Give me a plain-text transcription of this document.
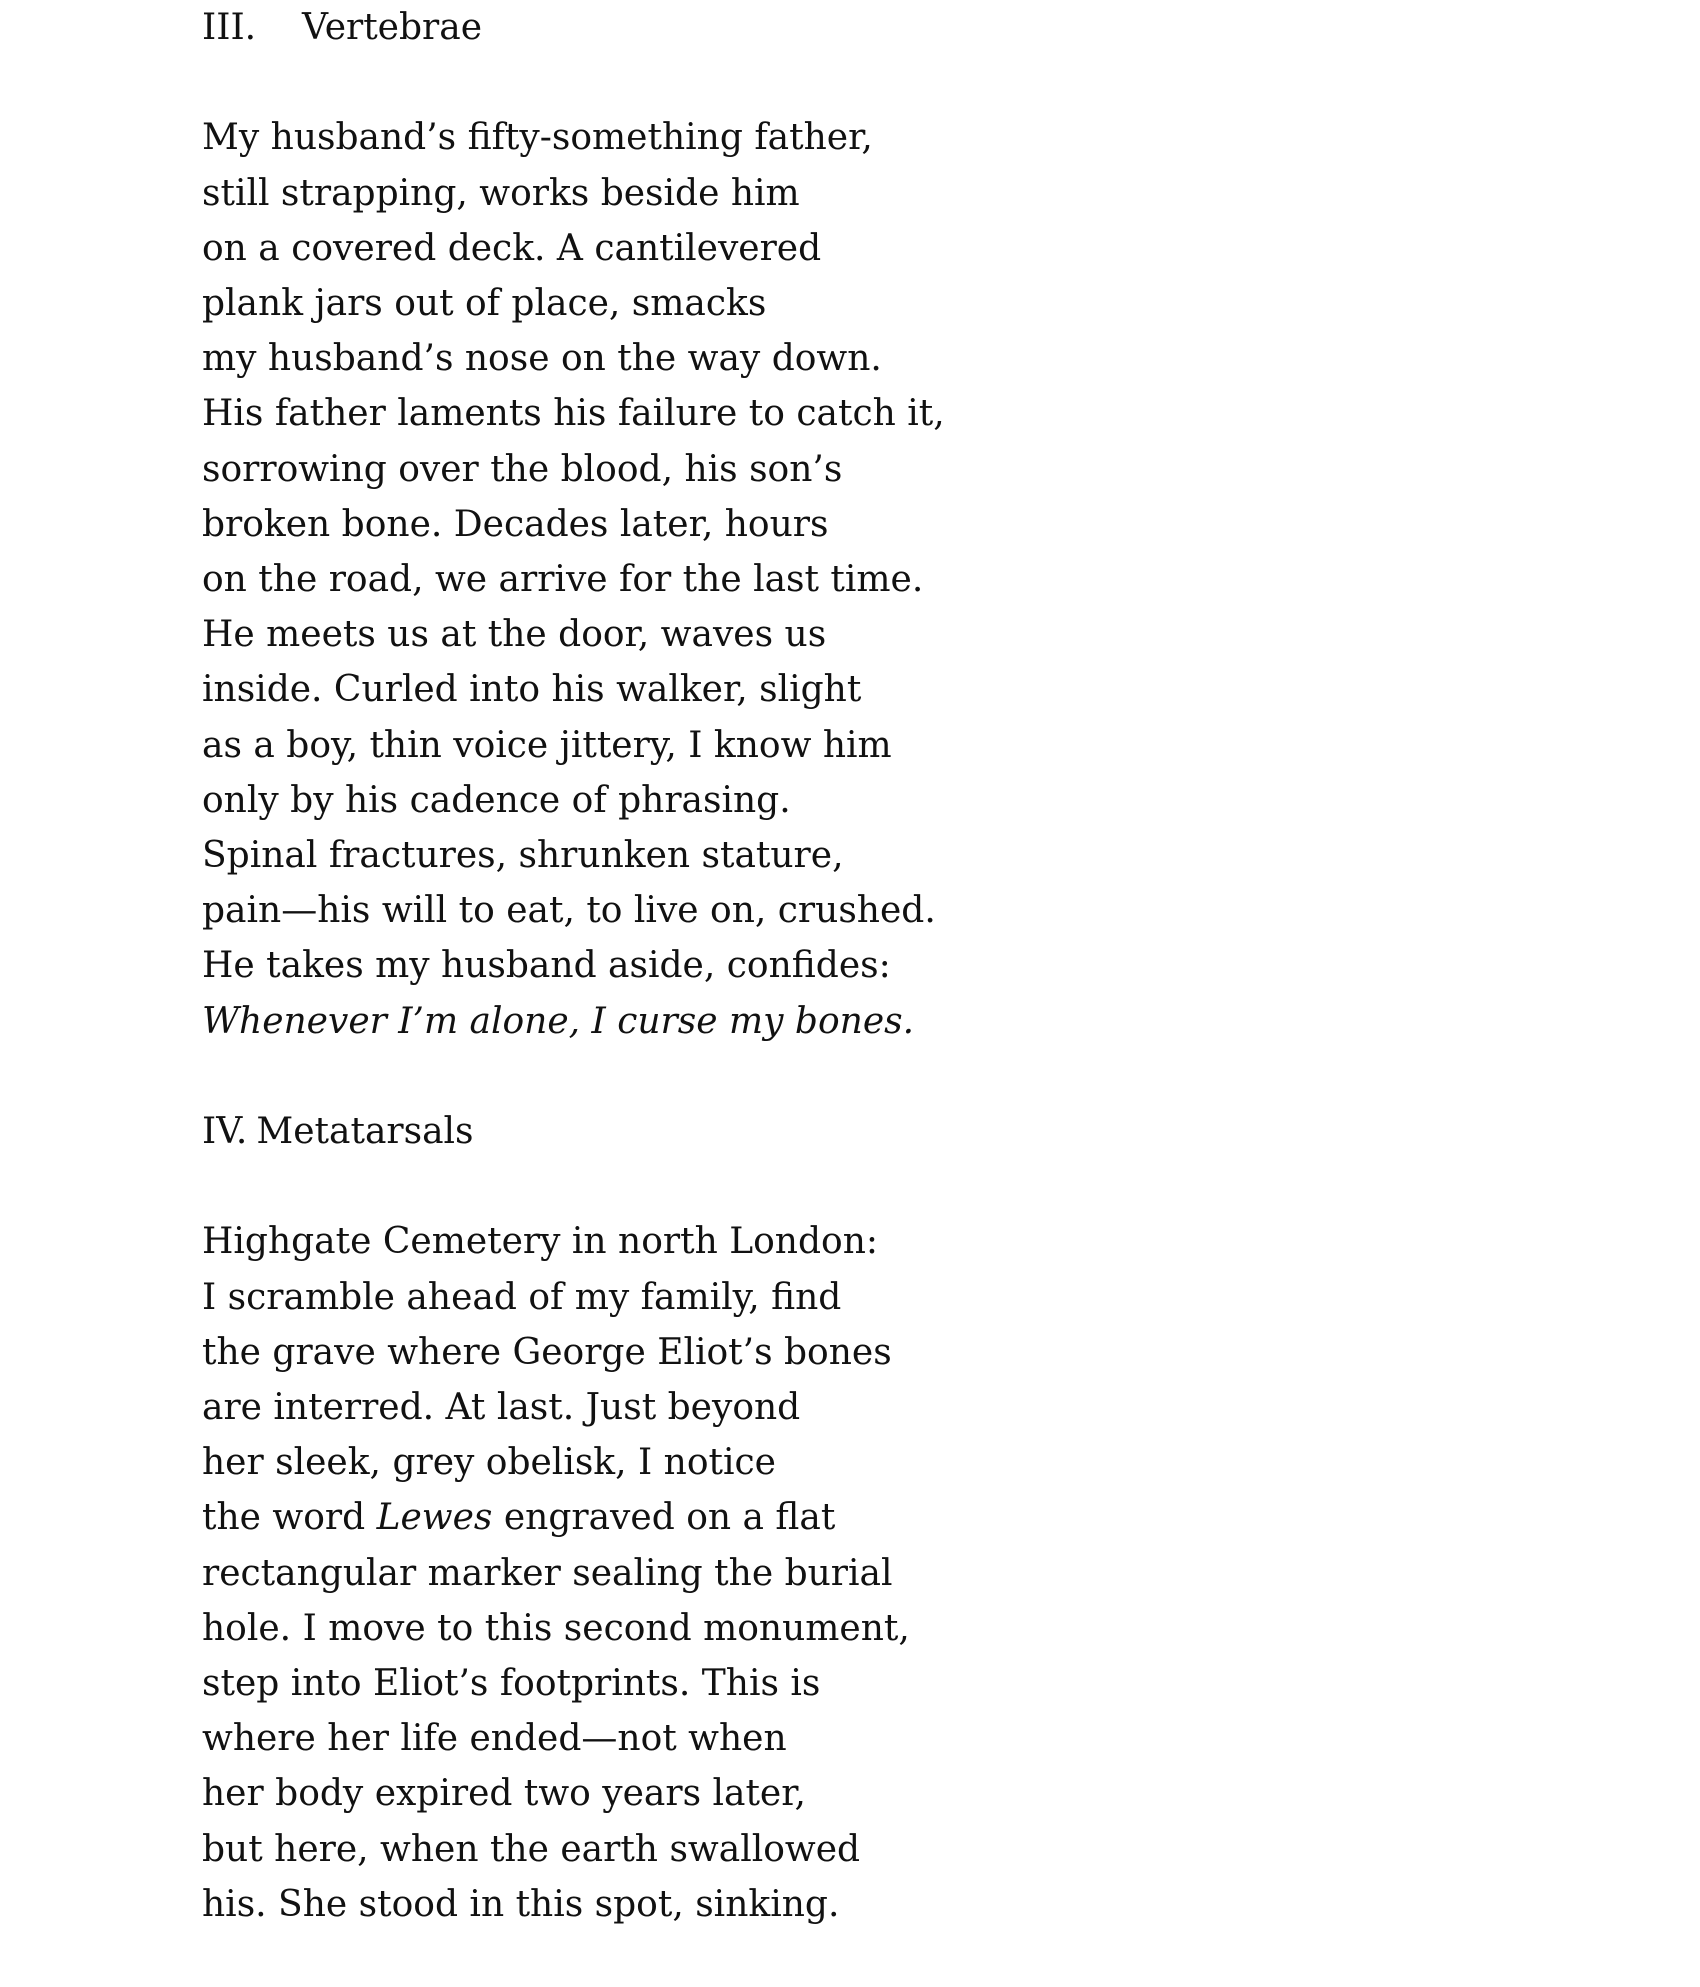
III. Vertebrae
My husband’s fifty-something father,
still strapping, works beside him
on a covered deck. A cantilevered
plank jars out of place, smacks
my husband’s nose on the way down.
His father laments his failure to catch it,
sorrowing over the blood, his son’s
broken bone. Decades later, hours
on the road, we arrive for the last time.
He meets us at the door, waves us
inside. Curled into his walker, slight
as a boy, thin voice jittery, I know him
only by his cadence of phrasing.
Spinal fractures, shrunken stature,
pain—his will to eat, to live on, crushed.
He takes my husband aside, confides:
Whenever I’m alone, I curse my bones.
IV. Metatarsals
Highgate Cemetery in north London:
I scramble ahead of my family, find
the grave where George Eliot’s bones
are interred. At last. Just beyond
her sleek, grey obelisk, I notice
the word Lewes engraved on a flat
rectangular marker sealing the burial
hole. I move to this second monument,
step into Eliot’s footprints. This is
where her life ended—not when
her body expired two years later,
but here, when the earth swallowed
his. She stood in this spot, sinking.
